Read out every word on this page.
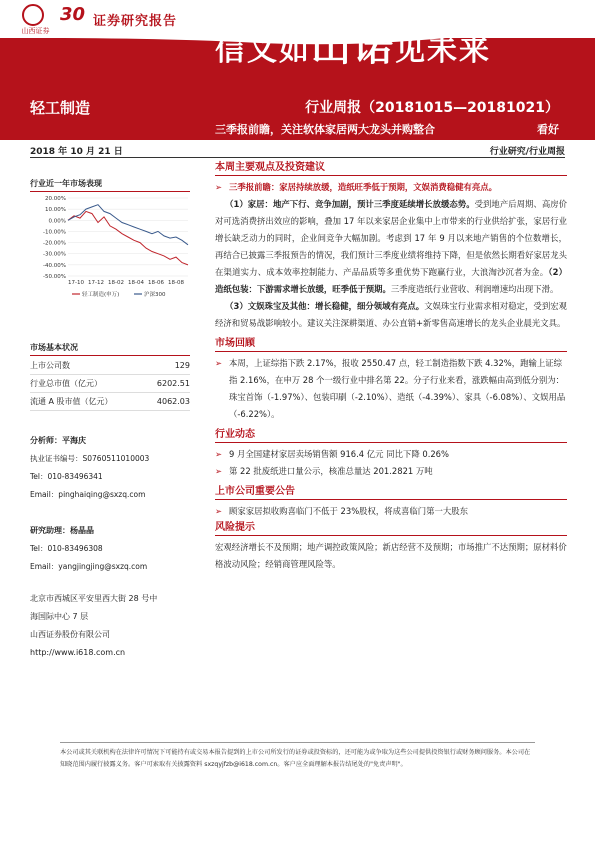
山西证券
30 证券研究报告
信义如山诺见未来
SHANXI SECURITIES
30th ANNIVERSARY
1988 — 2018
轻工制造	行业周报（20181015—20181021）
三季报前瞻，关注软体家居两大龙头并购整合	看好
2018 年 10 月 21 日	行业研究/行业周报
行业近一年市场表现
20.00%
10.00%
0.00%
-10.00%
-20.00%
-30.00%
-40.00%
-50.00%
17-10 17-12 18-02 18-04 18-06 18-08
轻工制造(申万)	沪深300
市场基本状况
上市公司数	129
行业总市值（亿元）	6202.51
流通 A 股市值（亿元）	4062.03
分析师：平海庆
执业证书编号：S0760511010003
Tel：010-83496341
Email：pinghaiqing@sxzq.com
研究助理：杨晶晶
Tel：010-83496308
Email：yangjingjing@sxzq.com
北京市西城区平安里西大街 28 号中
海国际中心 7 层
山西证券股份有限公司
http://www.i618.com.cn
本周主要观点及投资建议
➢ 三季报前瞻：家居持续放缓，造纸旺季低于预期，文娱消费稳健有亮点。
（1）家居：地产下行、竞争加剧，预计三季度延续增长放缓态势。受到地产后周期、高房价对可选消费挤出效应的影响，叠加 17 年以来家居企业集中上市带来的行业供给扩张，家居行业增长缺乏动力的同时，企业间竞争大幅加剧。考虑到 17 年 9 月以来地产销售的个位数增长，再结合已披露三季报预告的情况，我们预计三季度业绩将维持下降，但是依然长期看好家居龙头在渠道实力、成本效率控制能力、产品品质等多重优势下跑赢行业，大浪淘沙沉者为金。（2）造纸包装：下游需求增长放缓，旺季低于预期。三季度造纸行业营收、利润增速均出现下滑。
（3）文娱珠宝及其他：增长稳健，细分领域有亮点。文娱珠宝行业需求相对稳定，受到宏观经济和贸易战影响较小。建议关注深耕渠道、办公直销+新零售高速增长的龙头企业晨光文具。
市场回顾
➢ 本周，上证综指下跌 2.17%，报收 2550.47 点，轻工制造指数下跌 4.32%，跑输上证综指 2.16%，在申万 28 个一级行业中排名第 22。分子行业来看，涨跌幅由高到低分别为：珠宝首饰（-1.97%）、包装印刷（-2.10%）、造纸（-4.39%）、家具（-6.08%）、文娱用品（-6.22%）。
行业动态
➢ 9 月全国建材家居卖场销售额 916.4 亿元 同比下降 0.26%
➢ 第 22 批废纸进口量公示，核准总量达 201.2821 万吨
上市公司重要公告
➢ 顾家家居拟收购喜临门不低于 23%股权，将成喜临门第一大股东
风险提示
宏观经济增长不及预期；地产调控政策风险；新店经营不及预期；市场推广不达预期；原材料价格波动风险；经销商管理风险等。
本公司或其关联机构在法律许可情况下可能持有或交易本报告提到的上市公司所发行的证券或投资标的，还可能为或争取为这些公司提供投资银行或财务顾问服务。本公司在知晓范围内履行披露义务。客户可索取有关披露资料 sxzqyjfzb@i618.com.cn。客户应全面理解本报告结尾处的"免责声明"。
